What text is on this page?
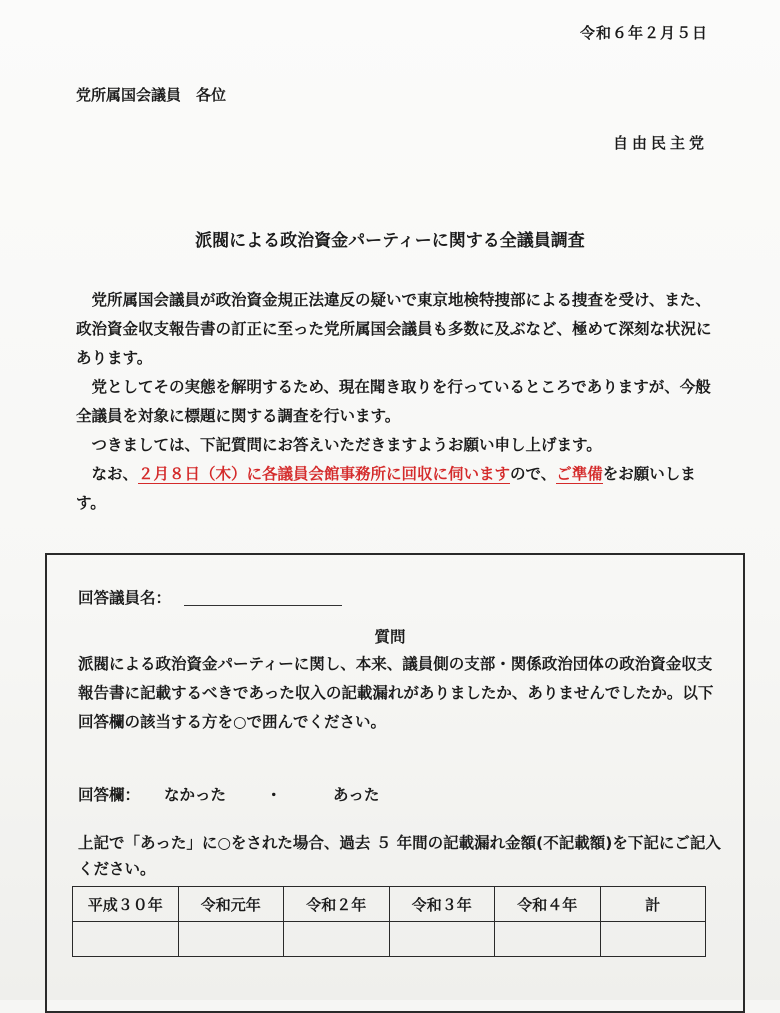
令和６年２月５日
党所属国会議員　各位
自由民主党
派閥による政治資金パーティーに関する全議員調査

党所属国会議員が政治資金規正法違反の疑いで東京地検特捜部による捜査を受け、また、政治資金収支報告書の訂正に至った党所属国会議員も多数に及ぶなど、極めて深刻な状況にあります。

党としてその実態を解明するため、現在聞き取りを行っているところでありますが、今般全議員を対象に標題に関する調査を行います。

つきましては、下記質問にお答えいただきますようお願い申し上げます。

なお、２月８日（木）に各議員会館事務所に回収に伺いますので、ご準備をお願いします。

回答議員名：
質問
派閥による政治資金パーティーに関し、本来、議員側の支部・関係政治団体の政治資金収支報告書に記載するべきであった収入の記載漏れがありましたか、ありませんでしたか。以下回答欄の該当する方を○で囲んでください。
回答欄： なかった	・	あった
上記で「あった」に○をされた場合、過去 ５ 年間の記載漏れ金額(不記載額)を下記にご記入ください。
平成３０年	令和元年	令和２年	令和３年	令和４年	計
